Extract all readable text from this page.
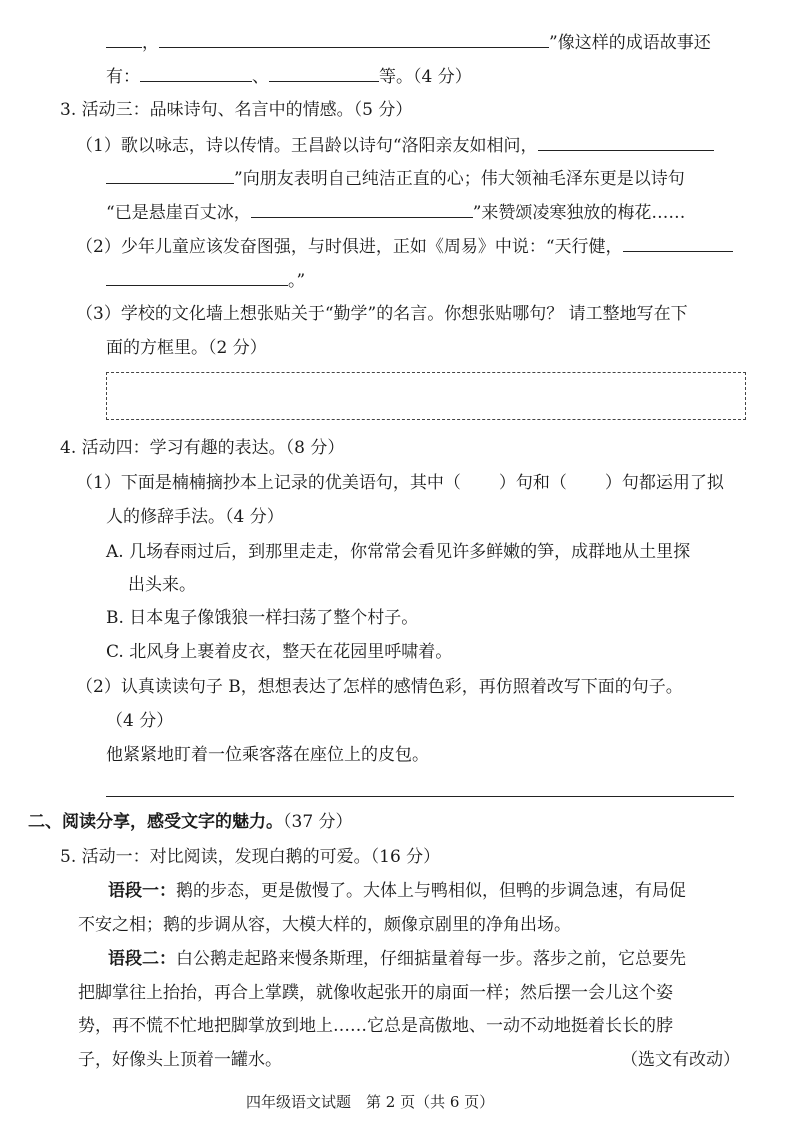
，	”像这样的成语故事还
有：	、	等。（4 分）
3. 活动三：品味诗句、名言中的情感。（5 分）
（1）歌以咏志，诗以传情。王昌龄以诗句“洛阳亲友如相问，
”向朋友表明自己纯洁正直的心；伟大领袖毛泽东更是以诗句
“已是悬崖百丈冰，	”来赞颂凌寒独放的梅花……
（2）少年儿童应该发奋图强，与时俱进，正如《周易》中说：“天行健，
。”
（3）学校的文化墙上想张贴关于“勤学”的名言。你想张贴哪句？ 请工整地写在下
面的方框里。（2 分）
4. 活动四：学习有趣的表达。（8 分）
（1）下面是楠楠摘抄本上记录的优美语句，其中（ ）句和（ ）句都运用了拟
人的修辞手法。（4 分）
A. 几场春雨过后，到那里走走，你常常会看见许多鲜嫩的笋，成群地从土里探
出头来。
B. 日本鬼子像饿狼一样扫荡了整个村子。
C. 北风身上裹着皮衣，整天在花园里呼啸着。
（2）认真读读句子 B，想想表达了怎样的感情色彩，再仿照着改写下面的句子。
（4 分）
他紧紧地盯着一位乘客落在座位上的皮包。
二、阅读分享，感受文字的魅力。（37 分）
5. 活动一：对比阅读，发现白鹅的可爱。（16 分）
语段一：鹅的步态，更是傲慢了。大体上与鸭相似，但鸭的步调急速，有局促
不安之相；鹅的步调从容，大模大样的，颇像京剧里的净角出场。
语段二：白公鹅走起路来慢条斯理，仔细掂量着每一步。落步之前，它总要先
把脚掌往上抬抬，再合上掌蹼，就像收起张开的扇面一样；然后摆一会儿这个姿
势，再不慌不忙地把脚掌放到地上……它总是高傲地、一动不动地挺着长长的脖
子，好像头上顶着一罐水。	（选文有改动）
四年级语文试题　第 2 页（共 6 页）
